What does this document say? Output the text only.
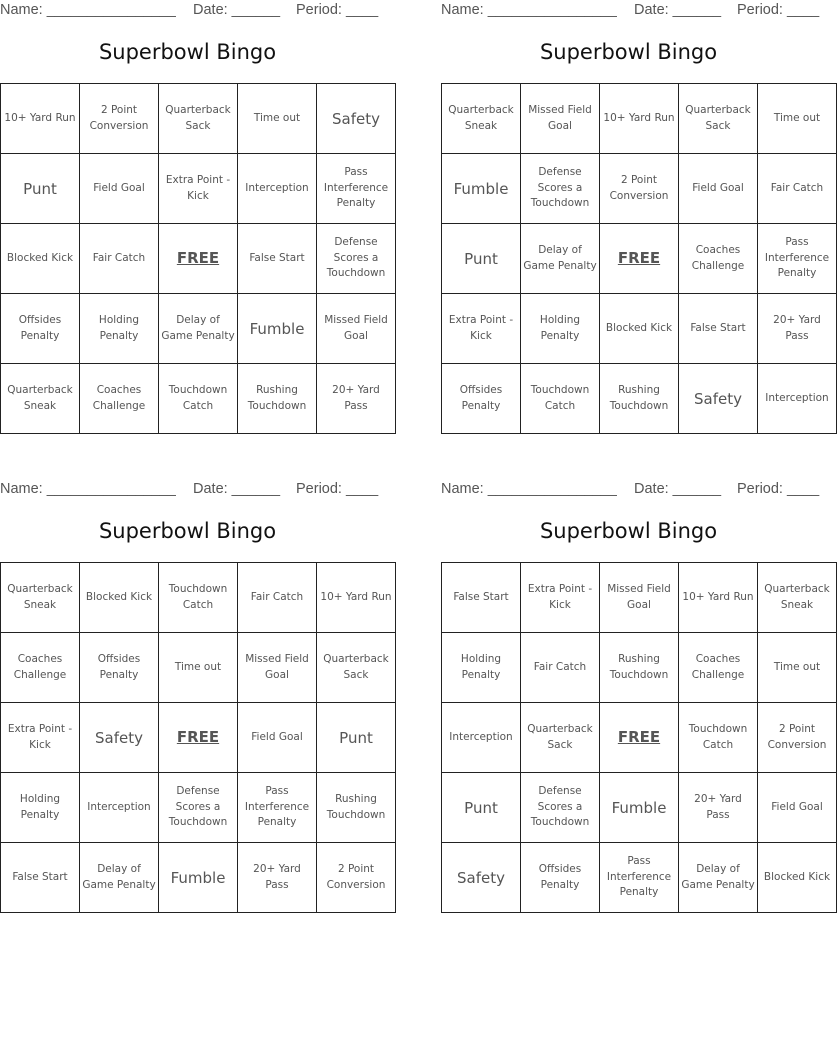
Name: ________________ Date: ______ Period: ____
Superbowl Bingo
10+ Yard Run	2 Point Conversion	Quarterback Sack	Time out	Safety
Punt	Field Goal	Extra Point - Kick	Interception	Pass Interference Penalty
Blocked Kick	Fair Catch	FREE	False Start	Defense Scores a Touchdown
Offsides Penalty	Holding Penalty	Delay of Game Penalty	Fumble	Missed Field Goal
Quarterback Sneak	Coaches Challenge	Touchdown Catch	Rushing Touchdown	20+ Yard Pass
Name: ________________ Date: ______ Period: ____
Superbowl Bingo
Quarterback Sneak	Missed Field Goal	10+ Yard Run	Quarterback Sack	Time out
Fumble	Defense Scores a Touchdown	2 Point Conversion	Field Goal	Fair Catch
Punt	Delay of Game Penalty	FREE	Coaches Challenge	Pass Interference Penalty
Extra Point - Kick	Holding Penalty	Blocked Kick	False Start	20+ Yard Pass
Offsides Penalty	Touchdown Catch	Rushing Touchdown	Safety	Interception
Name: ________________ Date: ______ Period: ____
Superbowl Bingo
Quarterback Sneak	Blocked Kick	Touchdown Catch	Fair Catch	10+ Yard Run
Coaches Challenge	Offsides Penalty	Time out	Missed Field Goal	Quarterback Sack
Extra Point - Kick	Safety	FREE	Field Goal	Punt
Holding Penalty	Interception	Defense Scores a Touchdown	Pass Interference Penalty	Rushing Touchdown
False Start	Delay of Game Penalty	Fumble	20+ Yard Pass	2 Point Conversion
Name: ________________ Date: ______ Period: ____
Superbowl Bingo
False Start	Extra Point - Kick	Missed Field Goal	10+ Yard Run	Quarterback Sneak
Holding Penalty	Fair Catch	Rushing Touchdown	Coaches Challenge	Time out
Interception	Quarterback Sack	FREE	Touchdown Catch	2 Point Conversion
Punt	Defense Scores a Touchdown	Fumble	20+ Yard Pass	Field Goal
Safety	Offsides Penalty	Pass Interference Penalty	Delay of Game Penalty	Blocked Kick
